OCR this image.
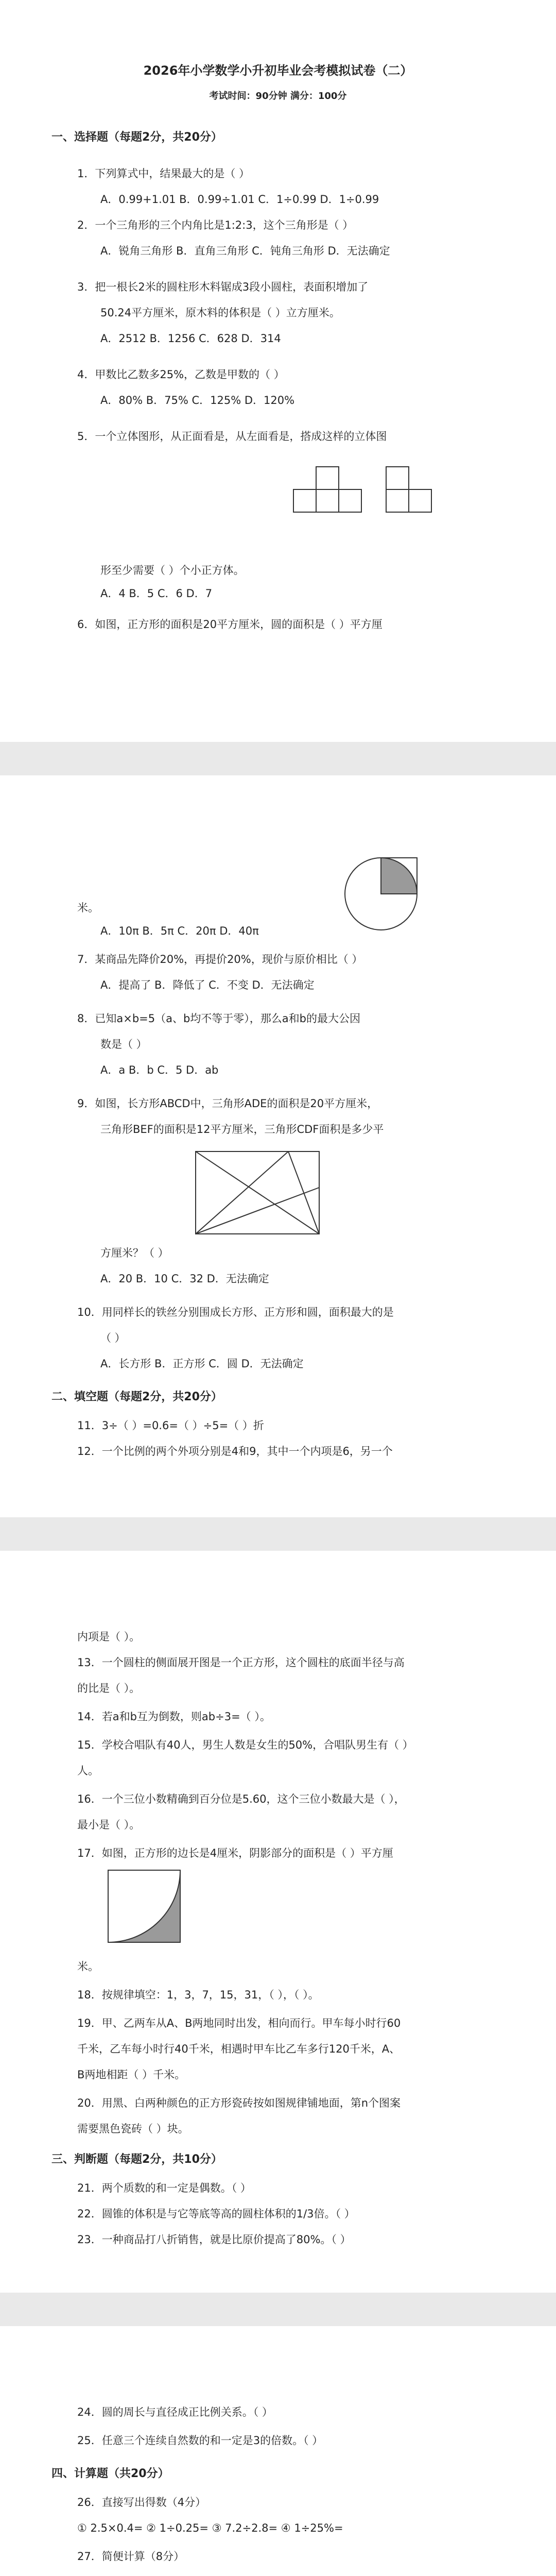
2026年小学数学小升初毕业会考模拟试卷（二）
考试时间：90分钟 满分：100分
一、选择题（每题2分，共20分）
1．下列算式中，结果最大的是（ ）
A．0.99+1.01 B．0.99÷1.01 C．1÷0.99 D．1÷0.99
2．一个三角形的三个内角比是1:2:3，这个三角形是（ ）
A．锐角三角形 B．直角三角形 C．钝角三角形 D．无法确定
3．把一根长2米的圆柱形木料锯成3段小圆柱，表面积增加了
50.24平方厘米，原木料的体积是（ ）立方厘米。
A．2512 B．1256 C．628 D．314
4．甲数比乙数多25%，乙数是甲数的（ ）
A．80% B．75% C．125% D．120%
5．一个立体图形，从正面看是，从左面看是，搭成这样的立体图
形至少需要（ ）个小正方体。
A．4 B．5 C．6 D．7
6．如图，正方形的面积是20平方厘米，圆的面积是（ ）平方厘
米。
A．10π B．5π C．20π D．40π
7．某商品先降价20%，再提价20%，现价与原价相比（ ）
A．提高了 B．降低了 C．不变 D．无法确定
8．已知a×b=5（a、b均不等于零），那么a和b的最大公因
数是（ ）
A．a B．b C．5 D．ab
9．如图，长方形ABCD中，三角形ADE的面积是20平方厘米，
三角形BEF的面积是12平方厘米，三角形CDF面积是多少平
方厘米？（ ）
A．20 B．10 C．32 D．无法确定
10．用同样长的铁丝分别围成长方形、正方形和圆，面积最大的是
（ ）
A．长方形 B．正方形 C．圆 D．无法确定
二、填空题（每题2分，共20分）
11．3÷（ ）=0.6=（ ）÷5=（ ）折
12．一个比例的两个外项分别是4和9，其中一个内项是6，另一个
内项是（ ）。
13．一个圆柱的侧面展开图是一个正方形，这个圆柱的底面半径与高
的比是（ ）。
14．若a和b互为倒数，则ab÷3=（ ）。
15．学校合唱队有40人，男生人数是女生的50%，合唱队男生有（ ）
人。
16．一个三位小数精确到百分位是5.60，这个三位小数最大是（ ），
最小是（ ）。
17．如图，正方形的边长是4厘米，阴影部分的面积是（ ）平方厘
米。
18．按规律填空：1，3，7，15，31，（ ），（ ）。
19．甲、乙两车从A、B两地同时出发，相向而行。甲车每小时行60
千米，乙车每小时行40千米，相遇时甲车比乙车多行120千米，A、
B两地相距（ ）千米。
20．用黑、白两种颜色的正方形瓷砖按如图规律铺地面，第n个图案
需要黑色瓷砖（ ）块。
三、判断题（每题2分，共10分）
21．两个质数的和一定是偶数。（ ）
22．圆锥的体积是与它等底等高的圆柱体积的1/3倍。（ ）
23．一种商品打八折销售，就是比原价提高了80%。（ ）
24．圆的周长与直径成正比例关系。（ ）
25．任意三个连续自然数的和一定是3的倍数。（ ）
四、计算题（共20分）
26．直接写出得数（4分）
① 2.5×0.4= ② 1÷0.25= ③ 7.2÷2.8= ④ 1÷25%=
27．简便计算（8分）
